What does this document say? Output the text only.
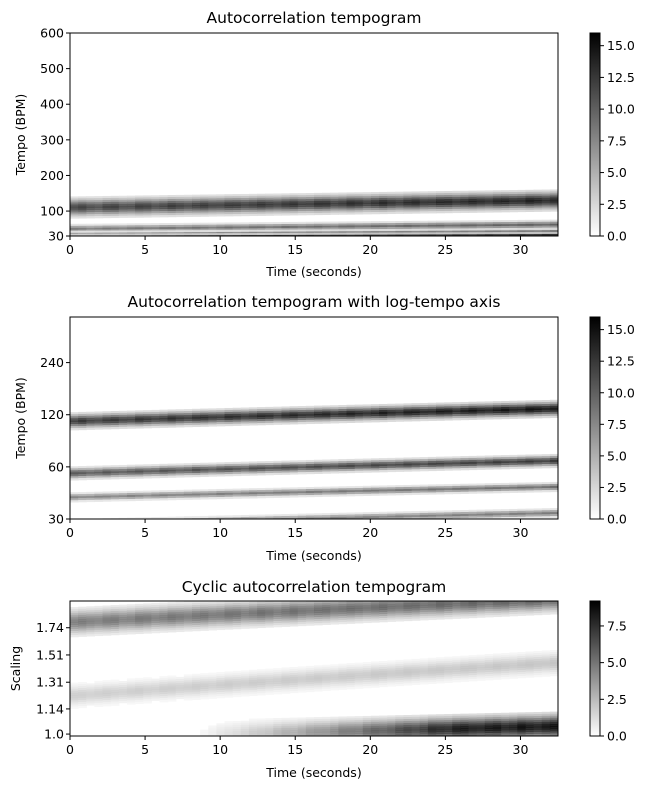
Autocorrelation tempogram
30
100
200
300
400
500
600
0	5	10	15	20	25	30
Time (seconds)
Tempo (BPM)
0.0
2.5
5.0
7.5
10.0
12.5
15.0
Autocorrelation tempogram with log-tempo axis
30
60
120
240
0	5	10	15	20	25	30
Time (seconds)
Tempo (BPM)
0.0
2.5
5.0
7.5
10.0
12.5
15.0
Cyclic autocorrelation tempogram
1.0
1.14
1.31
1.51
1.74
0	5	10	15	20	25	30
Time (seconds)
Scaling
0.0
2.5
5.0
7.5
